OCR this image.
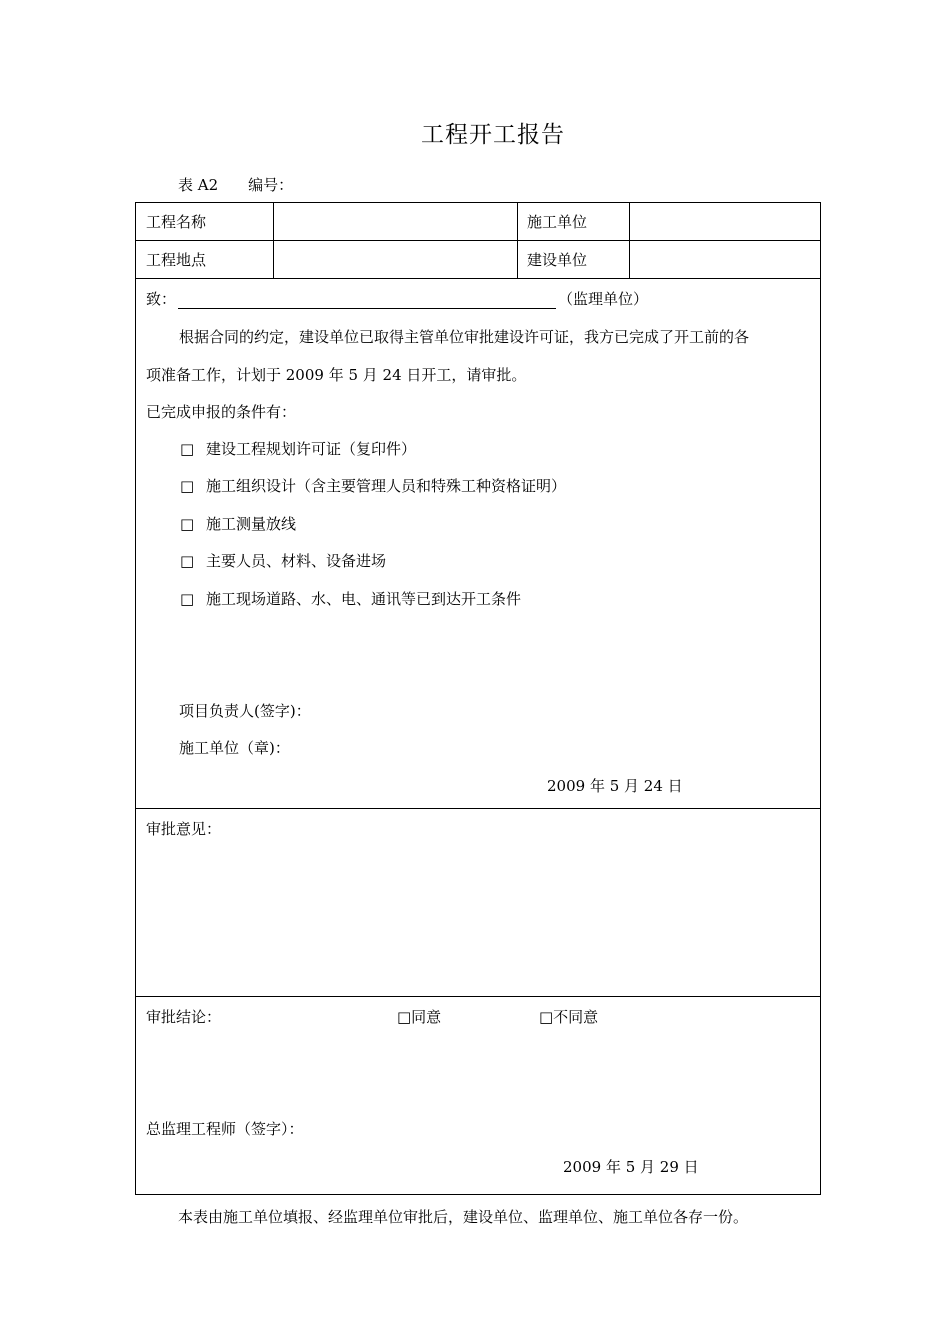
工程开工报告
表 A2 编号：
工程名称	施工单位
工程地点	建设单位
致：	（监理单位）
根据合同的约定，建设单位已取得主管单位审批建设许可证，我方已完成了开工前的各
项准备工作，计划于 2009 年 5 月 24 日开工，请审批。
已完成申报的条件有：
□ 建设工程规划许可证（复印件）
□ 施工组织设计（含主要管理人员和特殊工种资格证明）
□ 施工测量放线
□ 主要人员、材料、设备进场
□ 施工现场道路、水、电、通讯等已到达开工条件
项目负责人(签字)：
施工单位（章)：
2009 年 5 月 24 日
审批意见：
审批结论：	□同意	□不同意
总监理工程师（签字）：
2009 年 5 月 29 日
本表由施工单位填报、经监理单位审批后，建设单位、监理单位、施工单位各存一份。
